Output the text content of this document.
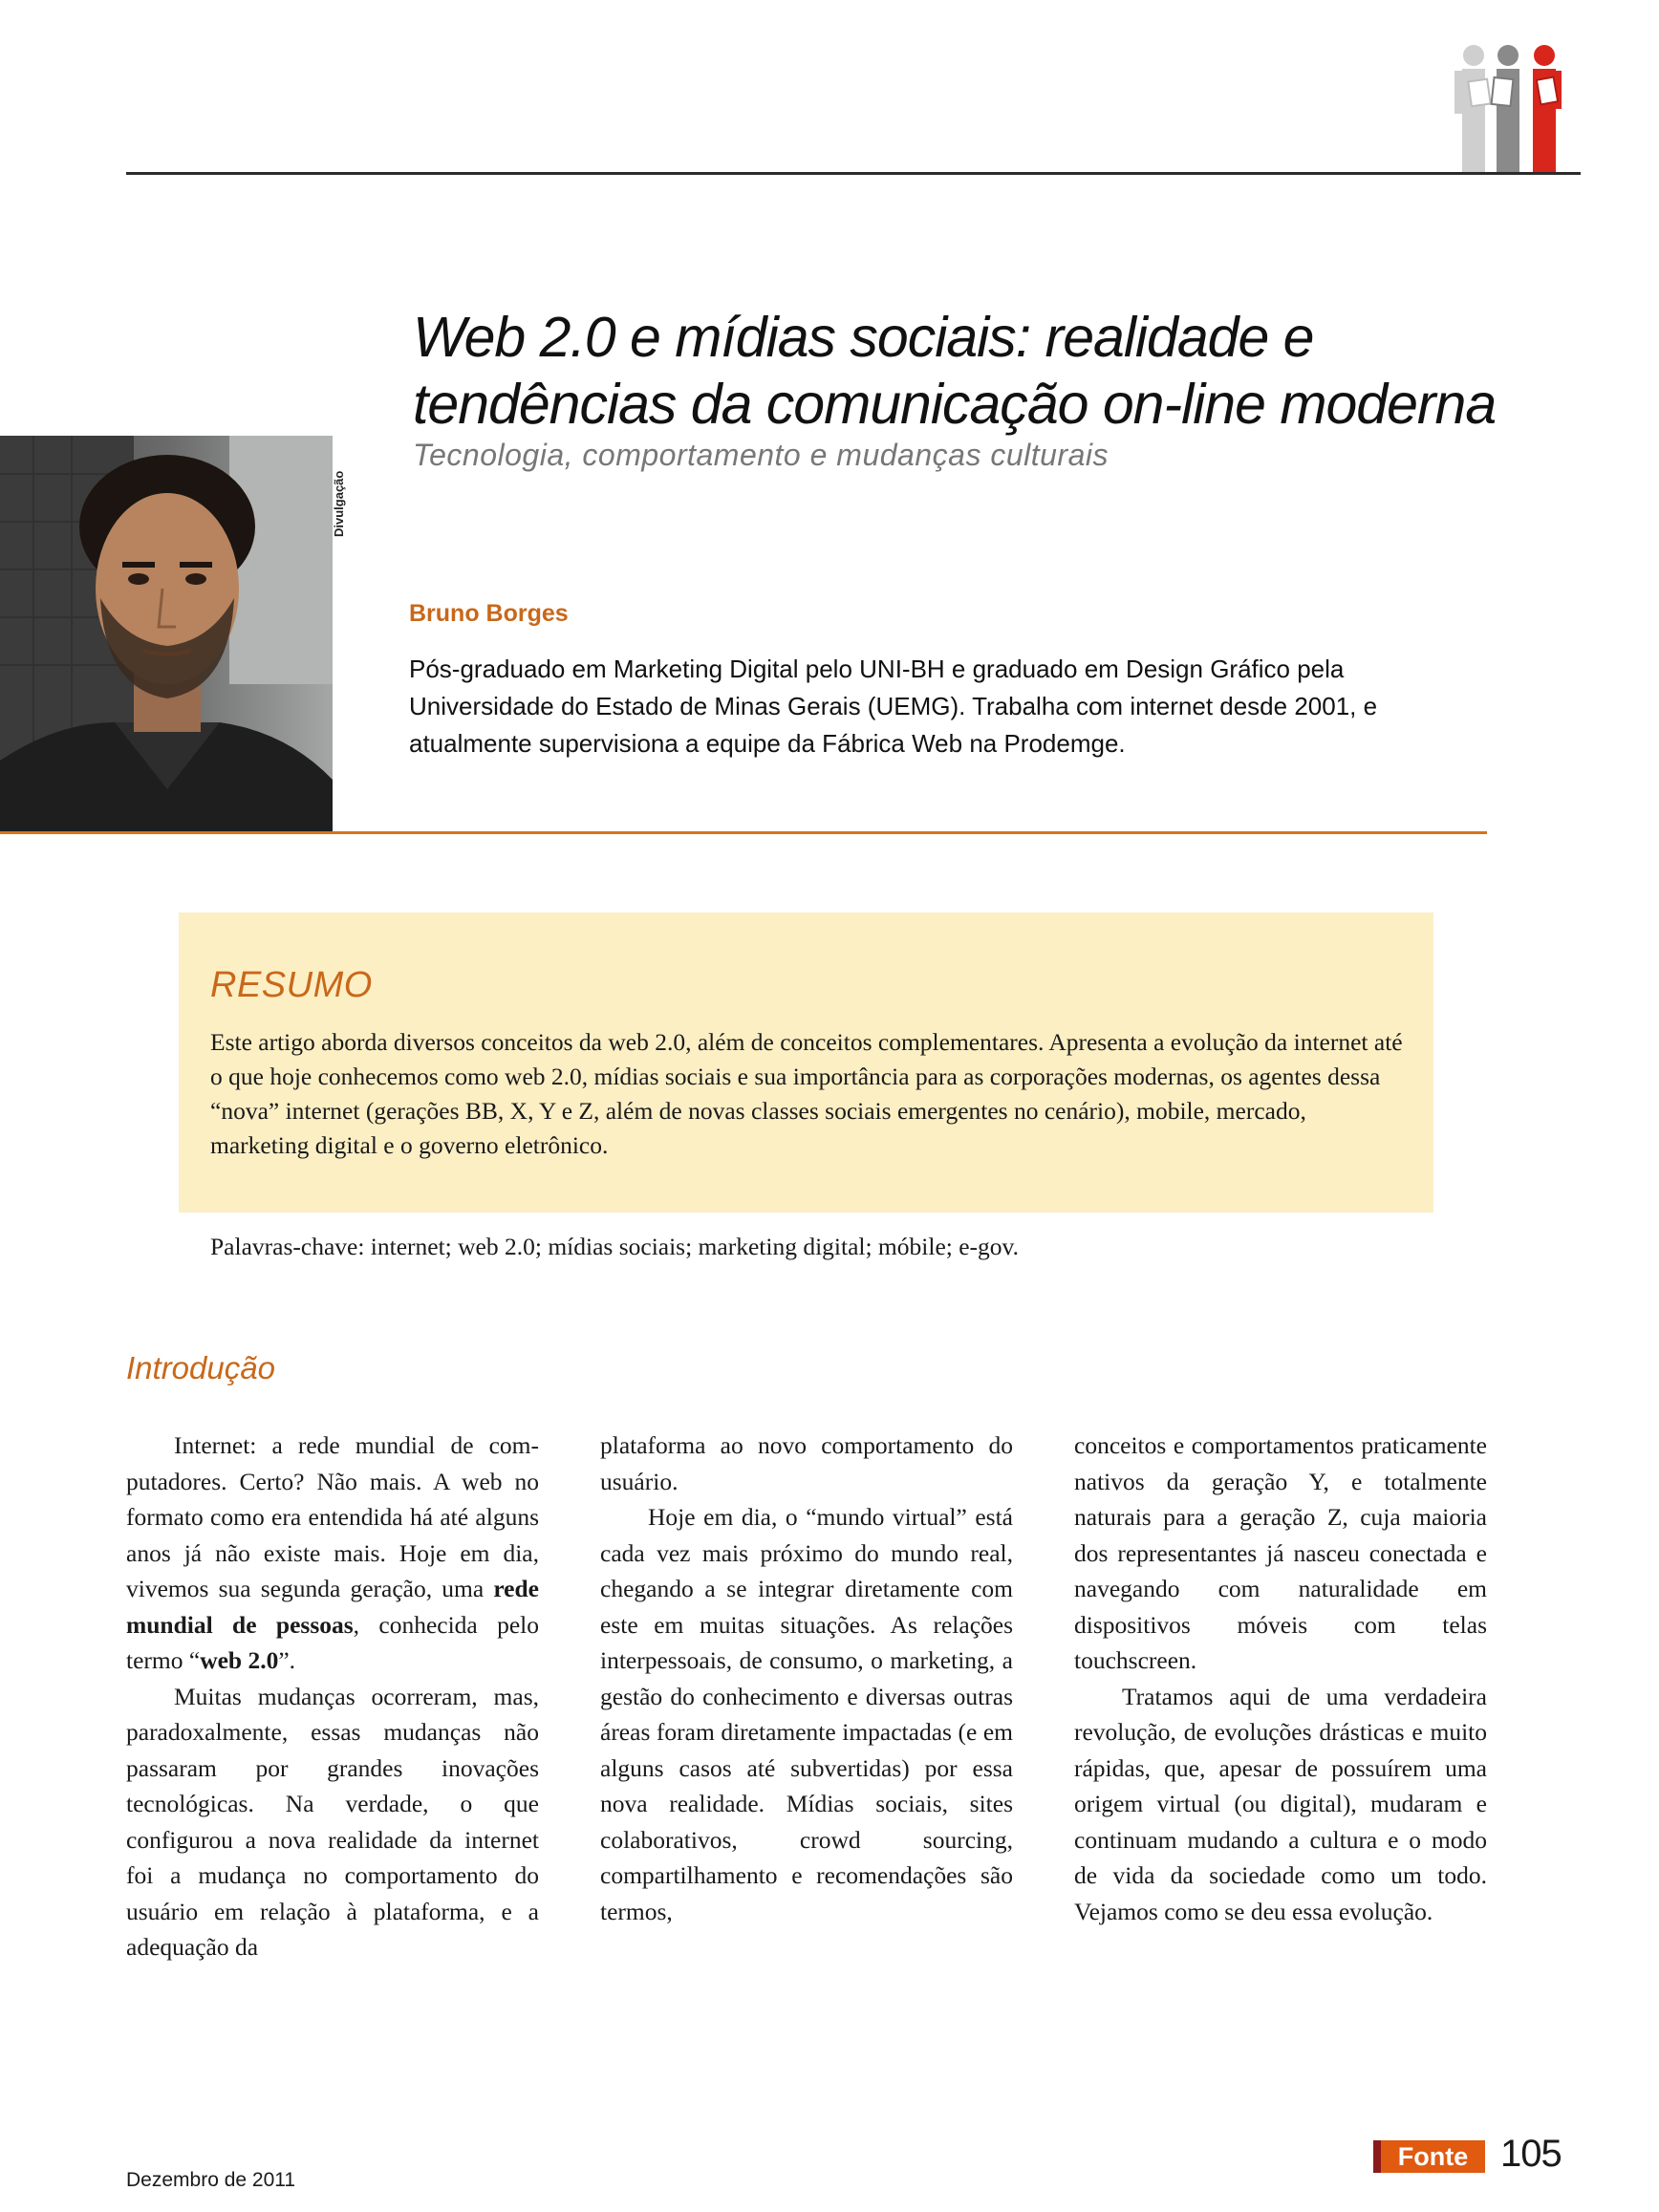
Web 2.0 e mídias sociais: realidade e
tendências da comunicação on-line moderna
Tecnologia, comportamento e mudanças culturais
Divulgação
Bruno Borges
Pós-graduado em Marketing Digital pelo UNI-BH e graduado em Design Gráfico pela Universidade do Estado de Minas Gerais (UEMG). Trabalha com internet desde 2001, e atualmente supervisiona a equipe da Fábrica Web na Prodemge.
RESUMO
Este artigo aborda diversos conceitos da web 2.0, além de conceitos complementares. Apresenta a evolução da internet até o que hoje conhecemos como web 2.0, mídias sociais e sua importância para as corporações modernas, os agentes dessa “nova” internet (gerações BB, X, Y e Z, além de novas classes sociais emergentes no cenário), mobile, mercado, marketing digital e o governo eletrônico.
Palavras-chave: internet; web 2.0; mídias sociais; marketing digital; móbile; e-gov.
Introdução

Internet: a rede mundial de computadores. Certo? Não mais. A web no formato como era entendida há até alguns anos já não existe mais. Hoje em dia, vivemos sua segunda geração, uma rede mundial de pessoas, conhecida pelo termo “web 2.0”.

Muitas mudanças ocorreram, mas, paradoxalmente, essas mudanças não passaram por grandes inovações tecnológicas. Na verdade, o que configurou a nova realidade da internet foi a mudança no comportamento do usuário em relação à plataforma, e a adequação da

plataforma ao novo comportamento do usuário.

Hoje em dia, o “mundo virtual” está cada vez mais próximo do mundo real, chegando a se integrar diretamente com este em muitas situações. As relações interpessoais, de consumo, o marketing, a gestão do conhecimento e diversas outras áreas foram diretamente impactadas (e em alguns casos até subvertidas) por essa nova realidade. Mídias sociais, sites colaborativos, crowd sourcing, compartilhamento e recomendações são termos,

conceitos e comportamentos praticamente nativos da geração Y, e totalmente naturais para a geração Z, cuja maioria dos representantes já nasceu conectada e navegando com naturalidade em dispositivos móveis com telas touchscreen.

Tratamos aqui de uma verdadeira revolução, de evoluções drásticas e muito rápidas, que, apesar de possuírem uma origem virtual (ou digital), mudaram e continuam mudando a cultura e o modo de vida da sociedade como um todo. Vejamos como se deu essa evolução.

Dezembro de 2011
Fonte 105
